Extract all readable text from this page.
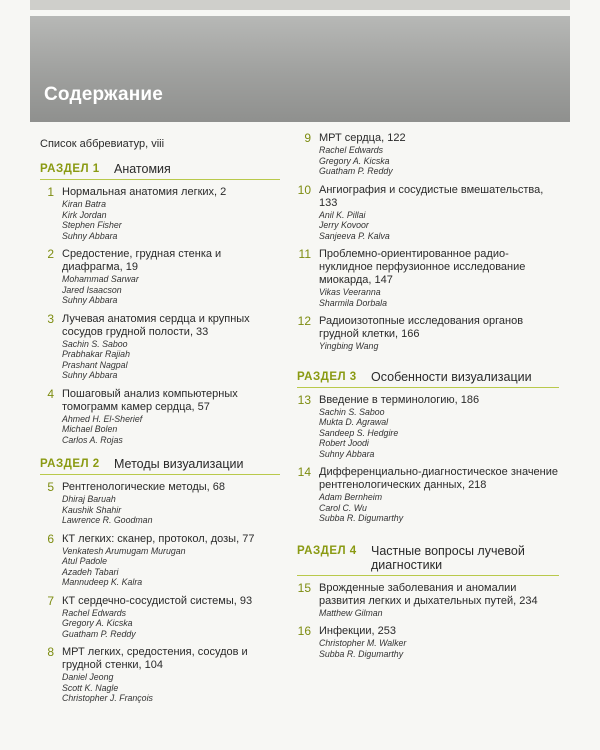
Содержание
Список аббревиатур, viii
РАЗДЕЛ 1	Анатомия
1 Нормальная анатомия легких, 2
Kiran Batra
Kirk Jordan
Stephen Fisher
Suhny Abbara
2 Средостение, грудная стенка и диафрагма, 19
Mohammad Sarwar
Jared Isaacson
Suhny Abbara
3 Лучевая анатомия сердца и крупных сосудов грудной полости, 33
Sachin S. Saboo
Prabhakar Rajiah
Prashant Nagpal
Suhny Abbara
4 Пошаговый анализ компьютерных томограмм камер сердца, 57
Ahmed H. El-Sherief
Michael Bolen
Carlos A. Rojas
РАЗДЕЛ 2	Методы визуализации
5 Рентгенологические методы, 68
Dhiraj Baruah
Kaushik Shahir
Lawrence R. Goodman
6 КТ легких: сканер, протокол, дозы, 77
Venkatesh Arumugam Murugan
Atul Padole
Azadeh Tabari
Mannudeep K. Kalra
7 КТ сердечно-сосудистой системы, 93
Rachel Edwards
Gregory A. Kicska
Guatham P. Reddy
8 МРТ легких, средостения, сосудов и грудной стенки, 104
Daniel Jeong
Scott K. Nagle
Christopher J. François
9 МРТ сердца, 122
Rachel Edwards
Gregory A. Kicska
Guatham P. Reddy
10 Ангиография и сосудистые вмешательства, 133
Anil K. Pillai
Jerry Kovoor
Sanjeeva P. Kalva
11 Проблемно-ориентированное радио-нуклидное перфузионное исследование миокарда, 147
Vikas Veeranna
Sharmila Dorbala
12 Радиоизотопные исследования органов грудной клетки, 166
Yingbing Wang
РАЗДЕЛ 3	Особенности визуализации
13 Введение в терминологию, 186
Sachin S. Saboo
Mukta D. Agrawal
Sandeep S. Hedgire
Robert Joodi
Suhny Abbara
14 Дифференциально-диагностическое значение рентгенологических данных, 218
Adam Bernheim
Carol C. Wu
Subba R. Digumarthy
РАЗДЕЛ 4	Частные вопросы лучевой диагностики
15 Врожденные заболевания и аномалии развития легких и дыхательных путей, 234
Matthew Gilman
16 Инфекции, 253
Christopher M. Walker
Subba R. Digumarthy
